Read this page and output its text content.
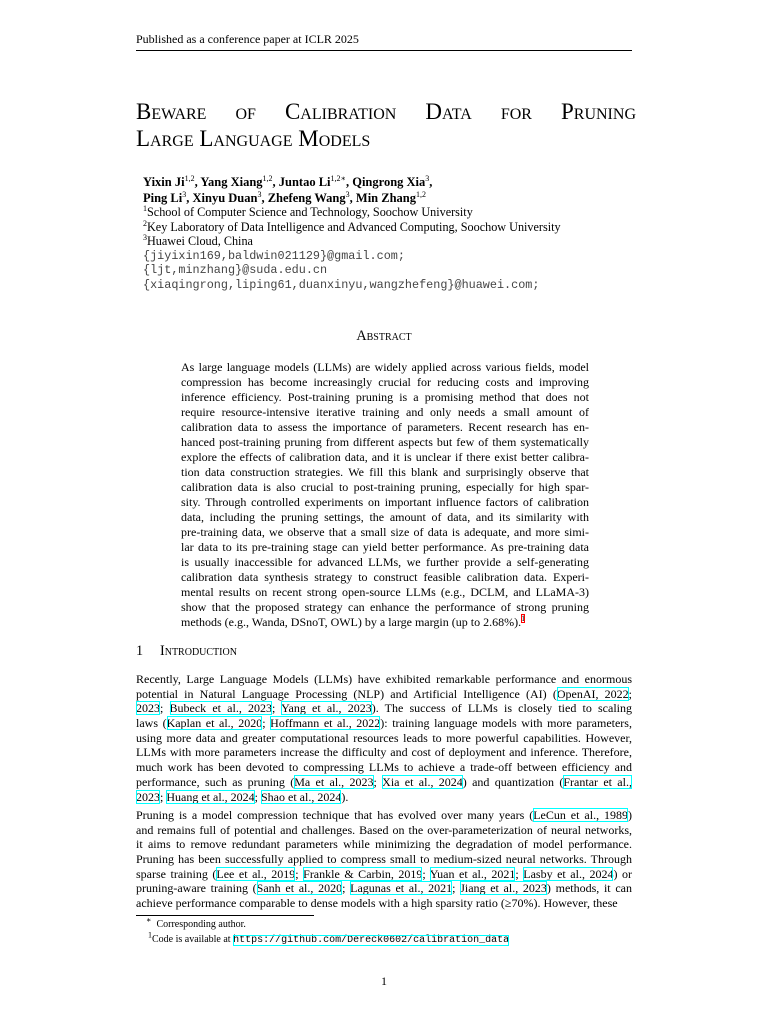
Published as a conference paper at ICLR 2025
Beware of Calibration Data for Pruning
Large Language Models
Yixin Ji$^{1,2}$, Yang Xiang$^{1,2}$, Juntao $Li^{1,2∗}$, Qingrong Xia$^3$,
Ping Li$^3$, Xinyu Duan$^3$, Zhefeng Wang$^3$, Min Zhang$^{1,2}$
$^1$School of Computer Science and Technology, Soochow University
$^2$Key Laboratory of Data Intelligence and Advanced Computing, Soochow University
$^3$Huawei Cloud, China
{jiyixin169,baldwin021129}@gmail.com;
{ljt,minzhang}@suda.edu.cn
{xiaqingrong,liping61,duanxinyu,wangzhefeng}@huawei.com;
Abstract
As large language models (LLMs) are widely applied across various fields, model
compression has become increasingly crucial for reducing costs and improving
inference efficiency. Post-training pruning is a promising method that does not
require resource-intensive iterative training and only needs a small amount of
calibration data to assess the importance of parameters. Recent research has en-
hanced post-training pruning from different aspects but few of them systematically
explore the effects of calibration data, and it is unclear if there exist better calibra-
tion data construction strategies. We fill this blank and surprisingly observe that
calibration data is also crucial to post-training pruning, especially for high spar-
sity. Through controlled experiments on important influence factors of calibration
data, including the pruning settings, the amount of data, and its similarity with
pre-training data, we observe that a small size of data is adequate, and more simi-
lar data to its pre-training stage can yield better performance. As pre-training data
is usually inaccessible for advanced LLMs, we further provide a self-generating
calibration data synthesis strategy to construct feasible calibration data. Experi-
mental results on recent strong open-source LLMs (e.g., DCLM, and LLaMA-3)
show that the proposed strategy can enhance the performance of strong pruning
methods (e.g., Wanda, DSnoT, OWL) by a large margin (up to 2.68%).$^1$
1 Introduction
Recently, Large Language Models (LLMs) have exhibited remarkable performance and enormous
potential in Natural Language Processing (NLP) and Artificial Intelligence (AI) (OpenAI, 2022;
2023; Bubeck et al., 2023; Yang et al., 2023). The success of LLMs is closely tied to scaling
laws (Kaplan et al., 2020; Hoffmann et al., 2022): training language models with more parameters,
using more data and greater computational resources leads to more powerful capabilities. However,
LLMs with more parameters increase the difficulty and cost of deployment and inference. Therefore,
much work has been devoted to compressing LLMs to achieve a trade-off between efficiency and
performance, such as pruning (Ma et al., 2023; Xia et al., 2024) and quantization (Frantar et al.,
2023; Huang et al., 2024; Shao et al., 2024).
Pruning is a model compression technique that has evolved over many years (LeCun et al., 1989)
and remains full of potential and challenges. Based on the over-parameterization of neural networks,
it aims to remove redundant parameters while minimizing the degradation of model performance.
Pruning has been successfully applied to compress small to medium-sized neural networks. Through
sparse training (Lee et al., 2019; Frankle & Carbin, 2019; Yuan et al., 2021; Lasby et al., 2024) or
pruning-aware training (Sanh et al., 2020; Lagunas et al., 2021; Jiang et al., 2023) methods, it can
achieve performance comparable to dense models with a high sparsity ratio (≥70%). However, these
∗ Corresponding author.
$^1$Code is available at https://github.com/Dereck0602/calibration_data
1
